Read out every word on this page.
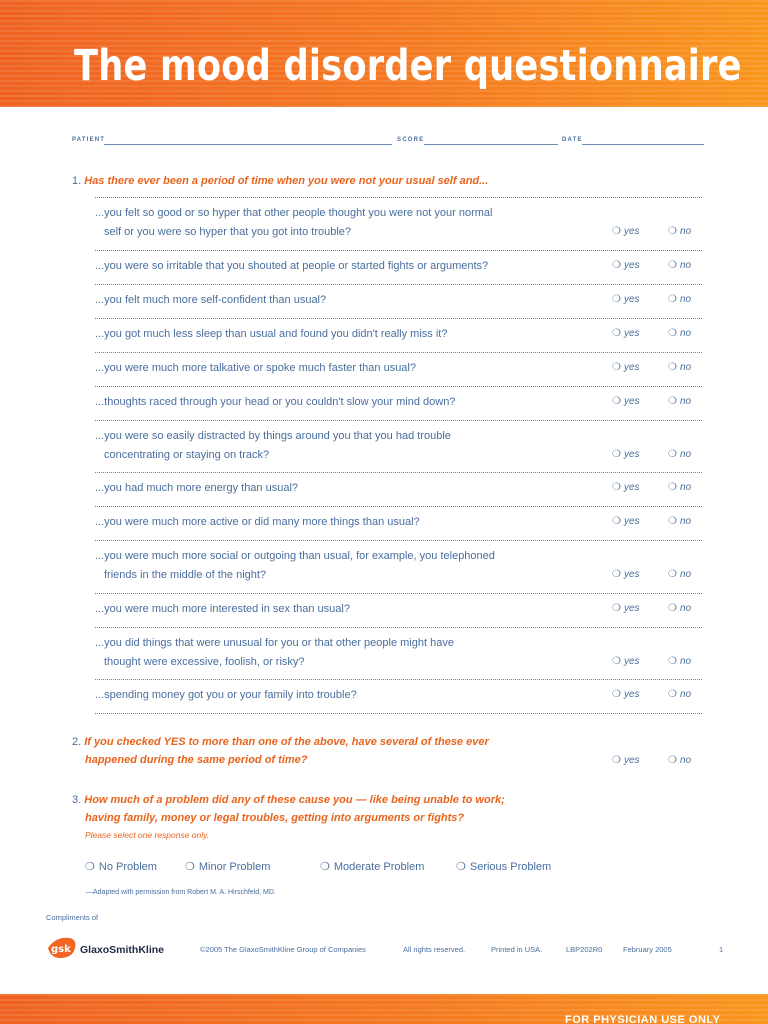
The mood disorder questionnaire
PATIENT	SCORE	DATE
1. Has there ever been a period of time when you were not your usual self and...
...you felt so good or so hyper that other people thought you were not your normal
self or you were so hyper that you got into trouble?	❍ yes	❍ no
...you were so irritable that you shouted at people or started fights or arguments?	❍ yes	❍ no
...you felt much more self-confident than usual?	❍ yes	❍ no
...you got much less sleep than usual and found you didn't really miss it?	❍ yes	❍ no
...you were much more talkative or spoke much faster than usual?	❍ yes	❍ no
...thoughts raced through your head or you couldn't slow your mind down?	❍ yes	❍ no
...you were so easily distracted by things around you that you had trouble
concentrating or staying on track?	❍ yes	❍ no
...you had much more energy than usual?	❍ yes	❍ no
...you were much more active or did many more things than usual?	❍ yes	❍ no
...you were much more social or outgoing than usual, for example, you telephoned
friends in the middle of the night?	❍ yes	❍ no
...you were much more interested in sex than usual?	❍ yes	❍ no
...you did things that were unusual for you or that other people might have
thought were excessive, foolish, or risky?	❍ yes	❍ no
...spending money got you or your family into trouble?	❍ yes	❍ no
2. If you checked YES to more than one of the above, have several of these ever
happened during the same period of time?	❍ yes	❍ no
3. How much of a problem did any of these cause you — like being unable to work;
having family, money or legal troubles, getting into arguments or fights?
Please select one response only.
❍ No Problem	❍ Minor Problem	❍ Moderate Problem	❍ Serious Problem
—Adapted with permission from Robert M. A. Hirschfeld, MD.
Compliments of
gsk GlaxoSmithKline	©2005 The GlaxoSmithKline Group of Companies	All rights reserved.	Printed in USA.	LBP202R0	February 2005	1
FOR PHYSICIAN USE ONLY
